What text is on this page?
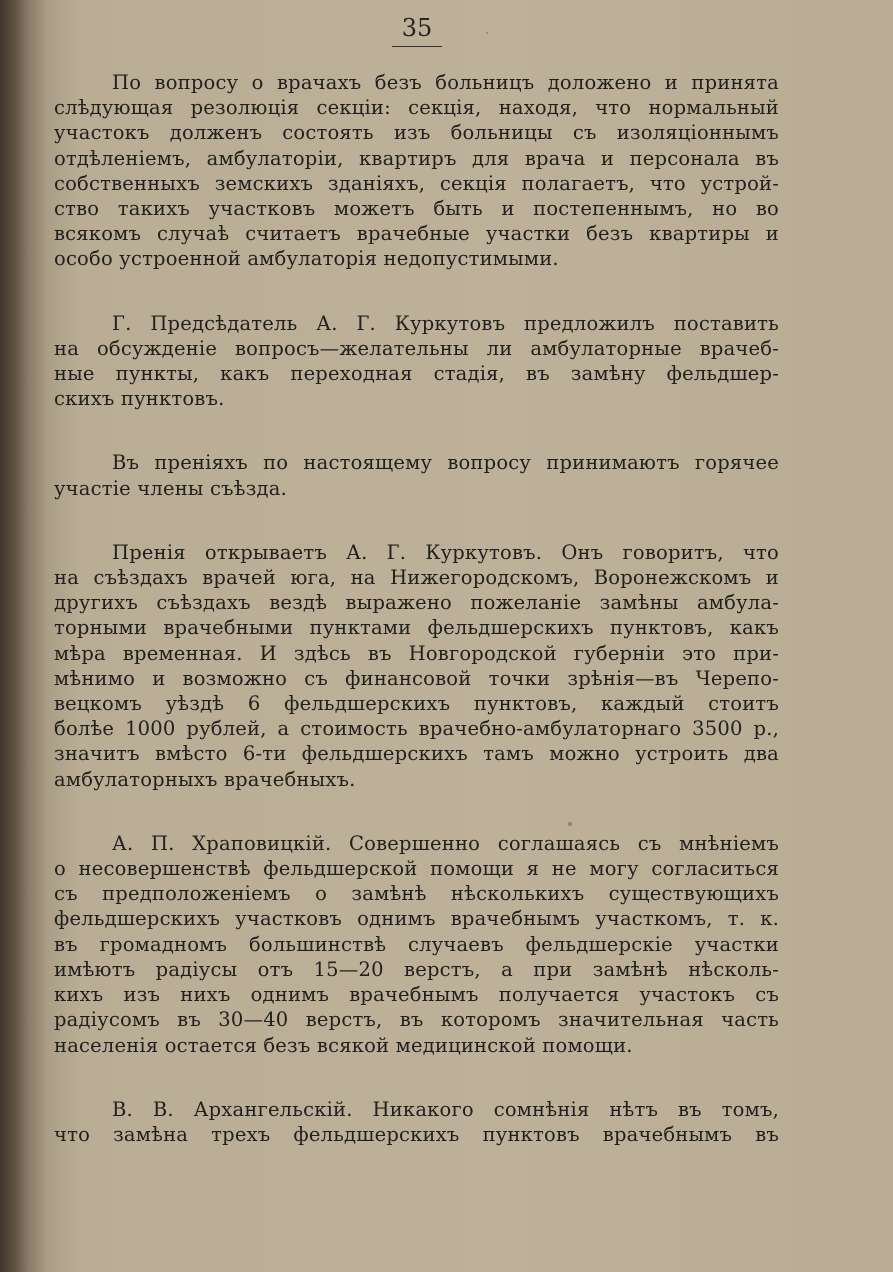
35

По вопросу о врачахъ безъ больницъ доложено и принята
слѣдующая резолюція секціи: секція, находя, что нормальный
участокъ долженъ состоять изъ больницы съ изоляціоннымъ
отдѣленіемъ, амбулаторіи, квартиръ для врача и персонала въ
собственныхъ земскихъ зданіяхъ, секція полагаетъ, что устрой-
ство такихъ участковъ можетъ быть и постепеннымъ, но во
всякомъ случаѣ считаетъ врачебные участки безъ квартиры и
особо устроенной амбулаторія недопустимыми.

Г. Предсѣдатель А. Г. Куркутовъ предложилъ поставить
на обсужденіе вопросъ—желательны ли амбулаторные врачеб-
ные пункты, какъ переходная стадія, въ замѣну фельдшер-
скихъ пунктовъ.

Въ преніяхъ по настоящему вопросу принимаютъ горячее
участіе члены съѣзда.

Пренія открываетъ А. Г. Куркутовъ. Онъ говоритъ, что
на съѣздахъ врачей юга, на Нижегородскомъ, Воронежскомъ и
другихъ съѣздахъ вездѣ выражено пожеланіе замѣны амбула-
торными врачебными пунктами фельдшерскихъ пунктовъ, какъ
мѣра временная. И здѣсь въ Новгородской губерніи это при-
мѣнимо и возможно съ финансовой точки зрѣнія—въ Черепо-
вецкомъ уѣздѣ 6 фельдшерскихъ пунктовъ, каждый стоитъ
болѣе 1000 рублей, а стоимость врачебно-амбулаторнаго 3500 р.,
значитъ вмѣсто 6-ти фельдшерскихъ тамъ можно устроить два
амбулаторныхъ врачебныхъ.

А. П. Храповицкій. Совершенно соглашаясь съ мнѣніемъ
о несовершенствѣ фельдшерской помощи я не могу согласиться
съ предположеніемъ о замѣнѣ нѣсколькихъ существующихъ
фельдшерскихъ участковъ однимъ врачебнымъ участкомъ, т. к.
въ громадномъ большинствѣ случаевъ фельдшерскіе участки
имѣютъ радіусы отъ 15—20 верстъ, а при замѣнѣ нѣсколь-
кихъ изъ нихъ однимъ врачебнымъ получается участокъ съ
радіусомъ въ 30—40 верстъ, въ которомъ значительная часть
населенія остается безъ всякой медицинской помощи.

В. В. Архангельскій. Никакого сомнѣнія нѣтъ въ томъ,
что замѣна трехъ фельдшерскихъ пунктовъ врачебнымъ въ
